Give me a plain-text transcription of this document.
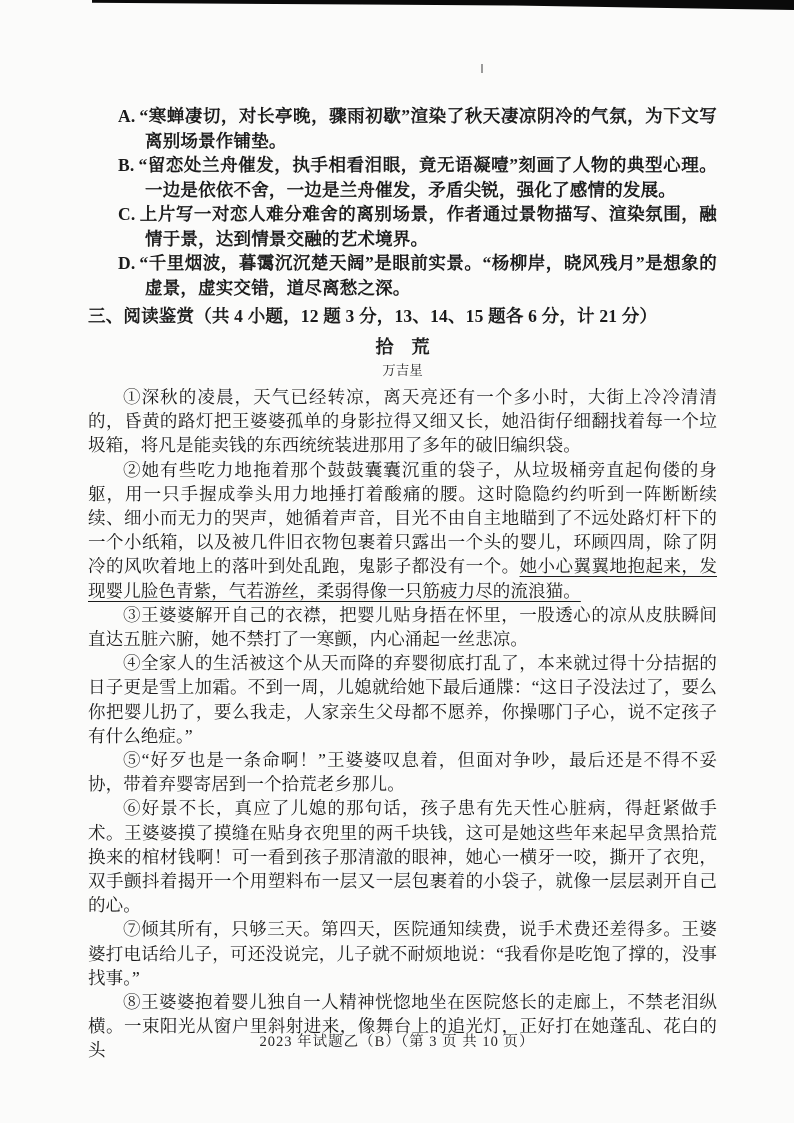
A. “寒蝉凄切，对长亭晚，骤雨初歇”渲染了秋天凄凉阴冷的气氛，为下文写离别场景作铺垫。
B. “留恋处兰舟催发，执手相看泪眼，竟无语凝噎”刻画了人物的典型心理。一边是依依不舍，一边是兰舟催发，矛盾尖锐，强化了感情的发展。
C. 上片写一对恋人难分难舍的离别场景，作者通过景物描写、渲染氛围，融情于景，达到情景交融的艺术境界。
D. “千里烟波，暮霭沉沉楚天阔”是眼前实景。“杨柳岸，晓风残月”是想象的虚景，虚实交错，道尽离愁之深。
三、阅读鉴赏（共 4 小题，12 题 3 分，13、14、15 题各 6 分，计 21 分）
拾　荒
万吉星

①深秋的凌晨，天气已经转凉，离天亮还有一个多小时，大街上冷冷清清的，昏黄的路灯把王婆婆孤单的身影拉得又细又长，她沿街仔细翻找着每一个垃圾箱，将凡是能卖钱的东西统统装进那用了多年的破旧编织袋。

②她有些吃力地拖着那个鼓鼓囊囊沉重的袋子，从垃圾桶旁直起佝偻的身躯，用一只手握成拳头用力地捶打着酸痛的腰。这时隐隐约约听到一阵断断续续、细小而无力的哭声，她循着声音，目光不由自主地瞄到了不远处路灯杆下的一个小纸箱，以及被几件旧衣物包裹着只露出一个头的婴儿，环顾四周，除了阴冷的风吹着地上的落叶到处乱跑，鬼影子都没有一个。她小心翼翼地抱起来，发现婴儿脸色青紫，气若游丝，柔弱得像一只筋疲力尽的流浪猫。

③王婆婆解开自己的衣襟，把婴儿贴身捂在怀里，一股透心的凉从皮肤瞬间直达五脏六腑，她不禁打了一寒颤，内心涌起一丝悲凉。

④全家人的生活被这个从天而降的弃婴彻底打乱了，本来就过得十分拮据的日子更是雪上加霜。不到一周，儿媳就给她下最后通牒：“这日子没法过了，要么你把婴儿扔了，要么我走，人家亲生父母都不愿养，你操哪门子心，说不定孩子有什么绝症。”

⑤“好歹也是一条命啊！”王婆婆叹息着，但面对争吵，最后还是不得不妥协，带着弃婴寄居到一个拾荒老乡那儿。

⑥好景不长，真应了儿媳的那句话，孩子患有先天性心脏病，得赶紧做手术。王婆婆摸了摸缝在贴身衣兜里的两千块钱，这可是她这些年来起早贪黑拾荒换来的棺材钱啊！可一看到孩子那清澈的眼神，她心一横牙一咬，撕开了衣兜，双手颤抖着揭开一个用塑料布一层又一层包裹着的小袋子，就像一层层剥开自己的心。

⑦倾其所有，只够三天。第四天，医院通知续费，说手术费还差得多。王婆婆打电话给儿子，可还没说完，儿子就不耐烦地说：“我看你是吃饱了撑的，没事找事。”

⑧王婆婆抱着婴儿独自一人精神恍惚地坐在医院悠长的走廊上，不禁老泪纵横。一束阳光从窗户里斜射进来，像舞台上的追光灯，正好打在她蓬乱、花白的头	2023 年试题乙（B）（第 3 页 共 10 页）
